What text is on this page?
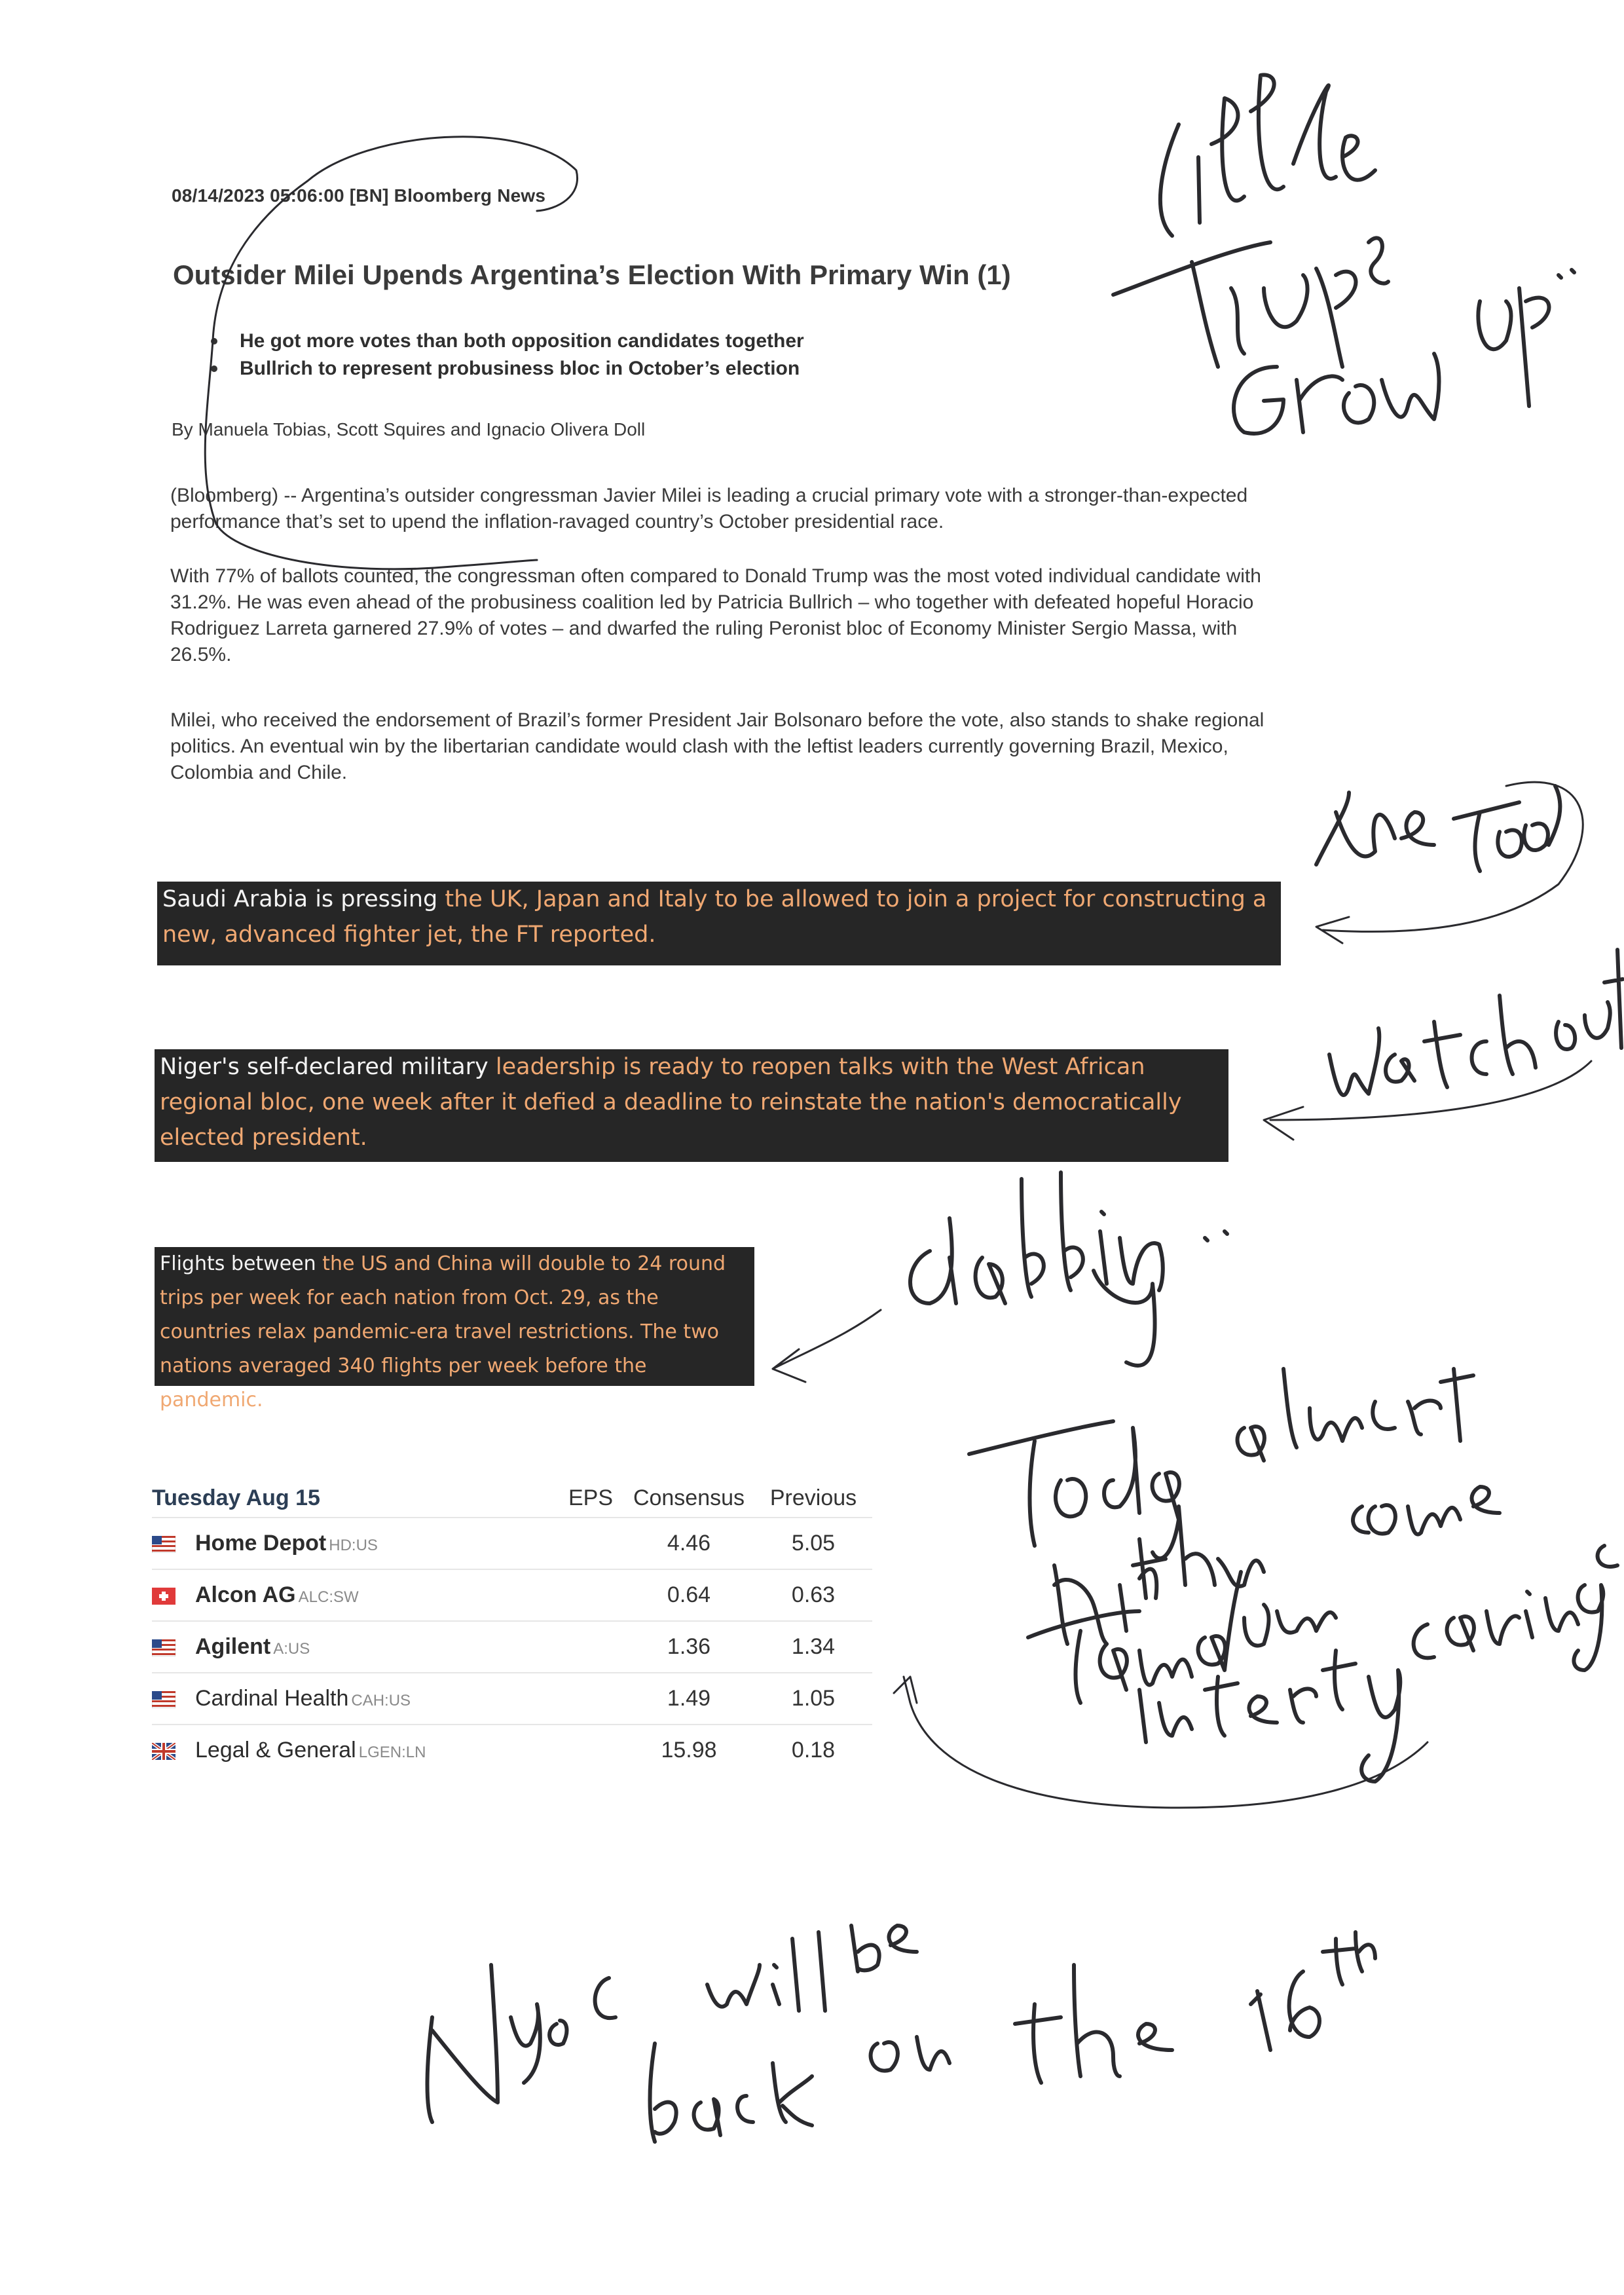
08/14/2023 05:06:00 [BN] Bloomberg News
Outsider Milei Upends Argentina’s Election With Primary Win (1)
He got more votes than both opposition candidates together
Bullrich to represent probusiness bloc in October’s election
By Manuela Tobias, Scott Squires and Ignacio Olivera Doll

(Bloomberg) -- Argentina’s outsider congressman Javier Milei is leading a crucial primary vote with a stronger-than-expected performance that’s set to upend the inflation-ravaged country’s October presidential race.

With 77% of ballots counted, the congressman often compared to Donald Trump was the most voted individual candidate with 31.2%. He was even ahead of the probusiness coalition led by Patricia Bullrich – who together with defeated hopeful Horacio Rodriguez Larreta garnered 27.9% of votes – and dwarfed the ruling Peronist bloc of Economy Minister Sergio Massa, with 26.5%.

Milei, who received the endorsement of Brazil’s former President Jair Bolsonaro before the vote, also stands to shake regional politics. An eventual win by the libertarian candidate would clash with the leftist leaders currently governing Brazil, Mexico, Colombia and Chile.

Saudi Arabia is pressing the UK, Japan and Italy to be allowed to join a project for constructing a new, advanced fighter jet, the FT reported.

Niger's self-declared military leadership is ready to reopen talks with the West African regional bloc, one week after it defied a deadline to reinstate the nation's democratically elected president.

Flights between the US and China will double to 24 round trips per week for each nation from Oct. 29, as the countries relax pandemic-era travel restrictions. The two nations averaged 340 flights per week before the pandemic.

Tuesday Aug 15	EPS	Consensus	Previous
Home Depot HD:US		4.46	5.05
Alcon AG ALC:SW		0.64	0.63
Agilent A:US		1.36	1.34
Cardinal Health CAH:US		1.49	1.05
Legal & General LGEN:LN		15.98	0.18
